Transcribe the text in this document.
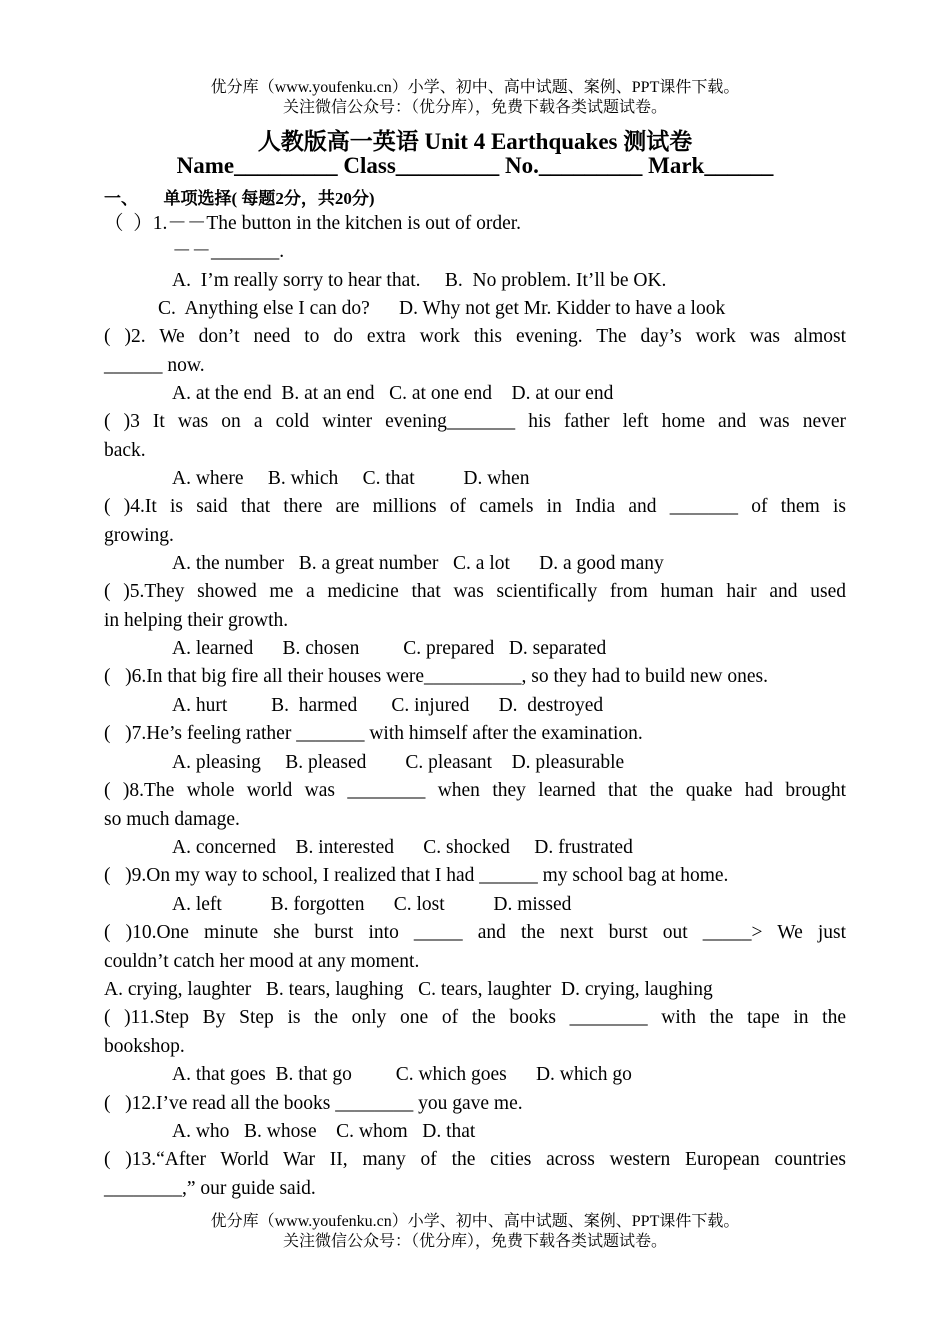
优分库（www.youfenku.cn）小学、初中、高中试题、案例、PPT课件下载。
关注微信公众号：（优分库），免费下载各类试题试卷。
人教版高一英语 Unit 4 Earthquakes 测试卷
Name_________ Class_________ No._________ Mark______
一、      单项选择( 每题2分，共20分)
（  ）1.－－The button in the kitchen is out of order.
－－_______.
A.  I’m really sorry to hear that.     B.  No problem. It’ll be OK.
C.  Anything else I can do?      D. Why not get Mr. Kidder to have a look
( )2. We don’t need to do extra work this evening. The day’s work was almost
______ now.
A. at the end  B. at an end   C. at one end    D. at our end
( )3 It was on a cold winter evening_______ his father left home and was never
back.
A. where     B. which     C. that          D. when
( )4.It is said that there are millions of camels in India and _______ of them is
growing.
A. the number   B. a great number   C. a lot      D. a good many
( )5.They showed me a medicine that was scientifically from human hair and used
in helping their growth.
A. learned      B. chosen         C. prepared   D. separated
(   )6.In that big fire all their houses were__________, so they had to build new ones.
A. hurt         B.  harmed       C. injured      D.  destroyed
(   )7.He’s feeling rather _______ with himself after the examination.
A. pleasing     B. pleased        C. pleasant    D. pleasurable
( )8.The whole world was ________ when they learned that the quake had brought
so much damage.
A. concerned    B. interested      C. shocked     D. frustrated
(   )9.On my way to school, I realized that I had ______ my school bag at home.
A. left          B. forgotten      C. lost          D. missed
( )10.One minute she burst into _____ and the next burst out _____> We just
couldn’t catch her mood at any moment.
A. crying, laughter   B. tears, laughing   C. tears, laughter  D. crying, laughing
( )11.Step By Step is the only one of the books ________ with the tape in the
bookshop.
A. that goes  B. that go         C. which goes      D. which go
(   )12.I’ve read all the books ________ you gave me.
A. who   B. whose    C. whom   D. that
( )13.“After World War II, many of the cities across western European countries
________,” our guide said.
优分库（www.youfenku.cn）小学、初中、高中试题、案例、PPT课件下载。
关注微信公众号：（优分库），免费下载各类试题试卷。
